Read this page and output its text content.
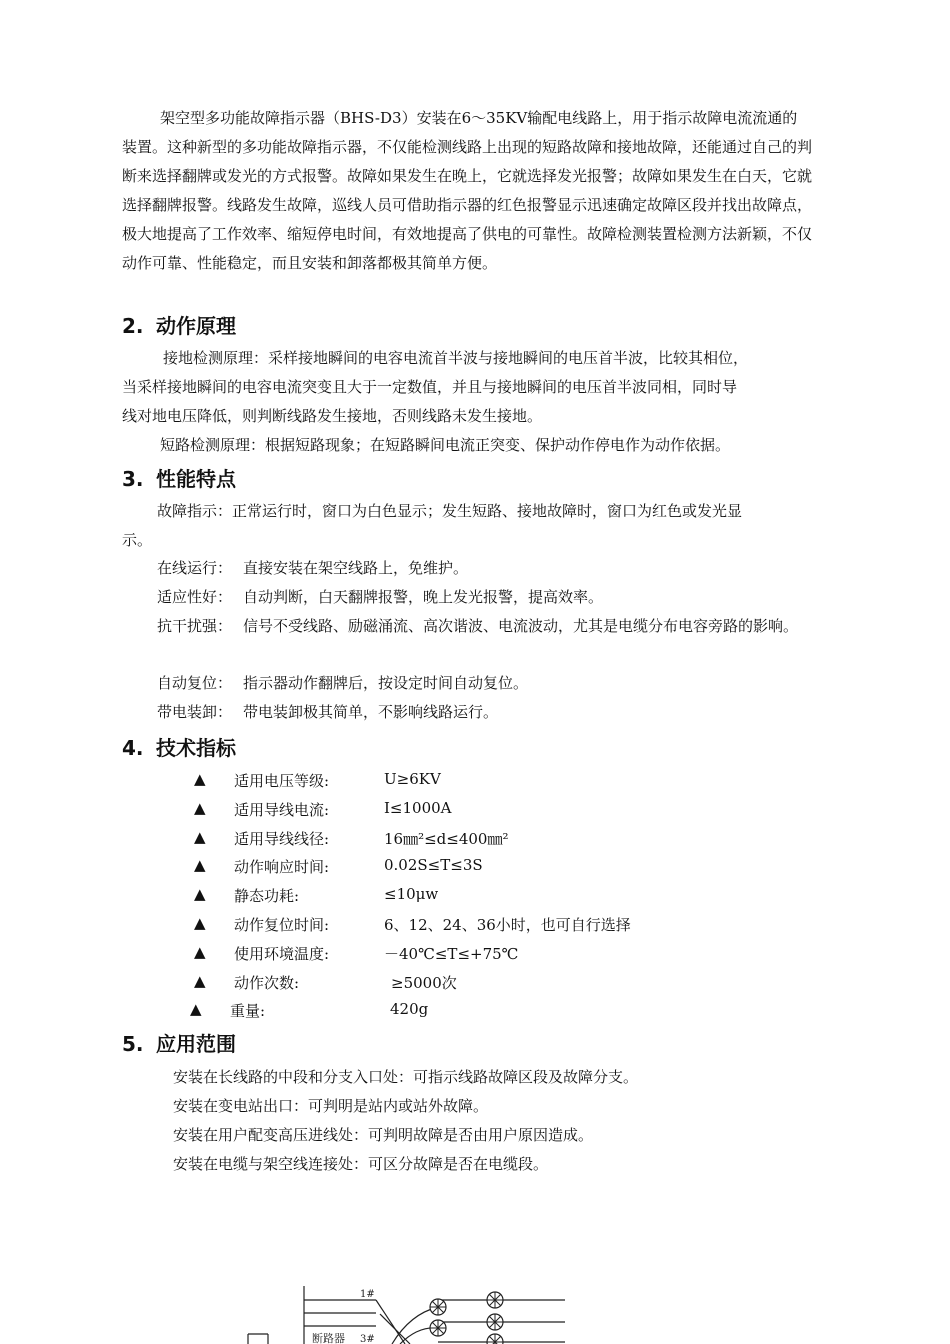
架空型多功能故障指示器（BHS-D3）安装在6～35KV输配电线路上，用于指示故障电流流通的装置。这种新型的多功能故障指示器，不仅能检测线路上出现的短路故障和接地故障，还能通过自己的判断来选择翻牌或发光的方式报警。故障如果发生在晚上，它就选择发光报警；故障如果发生在白天，它就选择翻牌报警。线路发生故障，巡线人员可借助指示器的红色报警显示迅速确定故障区段并找出故障点，极大地提高了工作效率、缩短停电时间，有效地提高了供电的可靠性。故障检测装置检测方法新颖，不仅动作可靠、性能稳定，而且安装和卸落都极其简单方便。
2. 动作原理
接地检测原理：采样接地瞬间的电容电流首半波与接地瞬间的电压首半波，比较其相位，
当采样接地瞬间的电容电流突变且大于一定数值，并且与接地瞬间的电压首半波同相，同时导
线对地电压降低，则判断线路发生接地，否则线路未发生接地。
短路检测原理：根据短路现象；在短路瞬间电流正突变、保护动作停电作为动作依据。
3. 性能特点
故障指示：正常运行时，窗口为白色显示；发生短路、接地故障时，窗口为红色或发光显
示。
在线运行： 直接安装在架空线路上，免维护。
适应性好： 自动判断，白天翻牌报警，晚上发光报警，提高效率。
抗干扰强： 信号不受线路、励磁涌流、高次谐波、电流波动，尤其是电缆分布电容旁路的影响。
自动复位： 指示器动作翻牌后，按设定时间自动复位。
带电装卸： 带电装卸极其简单，不影响线路运行。
4. 技术指标
▲ 适用电压等级:	U≥6KV
▲ 适用导线电流:	I≤1000A
▲ 适用导线线径:	16㎜²≤d≤400㎜²
▲ 动作响应时间:	0.02S≤T≤3S
▲ 静态功耗:	≤10μw
▲ 动作复位时间:	6、12、24、36小时，也可自行选择
▲ 使用环境温度:	－40℃≤T≤+75℃
▲ 动作次数:	≥5000次
▲ 重量:	420g
5. 应用范围
安装在长线路的中段和分支入口处：可指示线路故障区段及故障分支。
安装在变电站出口：可判明是站内或站外故障。
安装在用户配变高压进线处：可判明故障是否由用户原因造成。
安装在电缆与架空线连接处：可区分故障是否在电缆段。
1#
3#
断路器
